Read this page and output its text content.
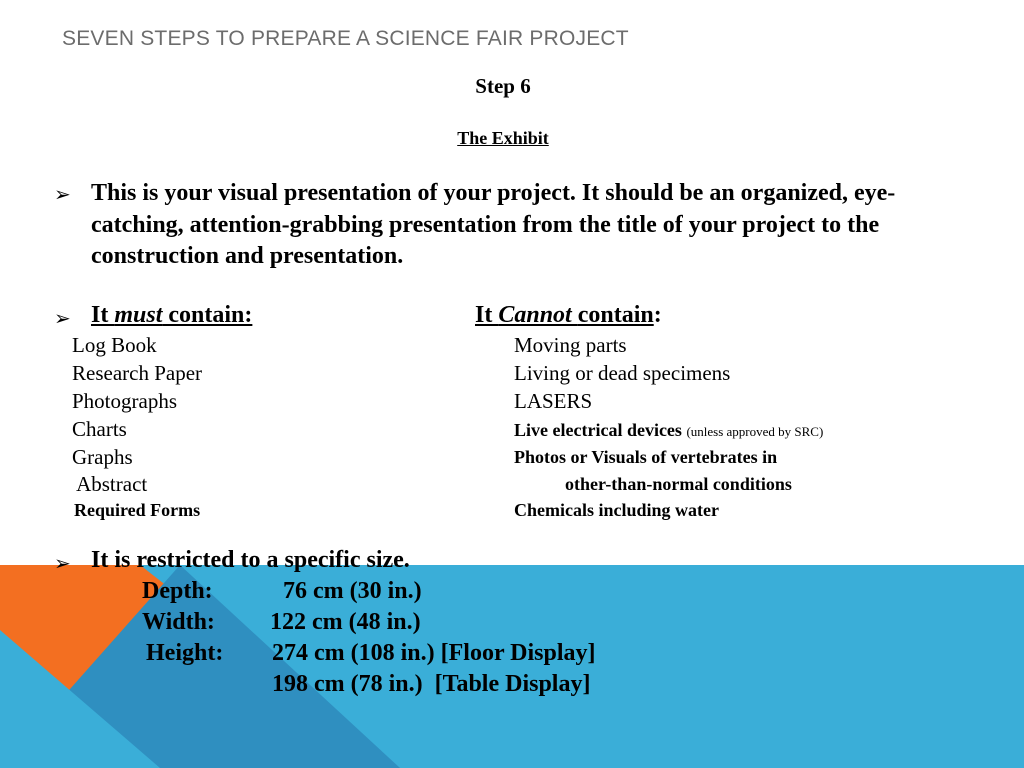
SEVEN STEPS TO PREPARE A SCIENCE FAIR PROJECT
Step 6
The Exhibit
➢ This is your visual presentation of your project. It should be an organized, eye-catching, attention-grabbing presentation from the title of your project to the construction and presentation.
➢ It must contain:	It Cannot contain:
Log Book
Research Paper
Photographs
Charts
Graphs
Abstract
Required Forms
Moving parts
Living or dead specimens
LASERS
Live electrical devices (unless approved by SRC)
Photos or Visuals of vertebrates in
other-than-normal conditions
Chemicals including water
➢ It is restricted to a specific size.
Depth:	76 cm (30 in.)
Width: 122 cm (48 in.)
Height: 274 cm (108 in.) [Floor Display]
198 cm (78 in.)  [Table Display]
